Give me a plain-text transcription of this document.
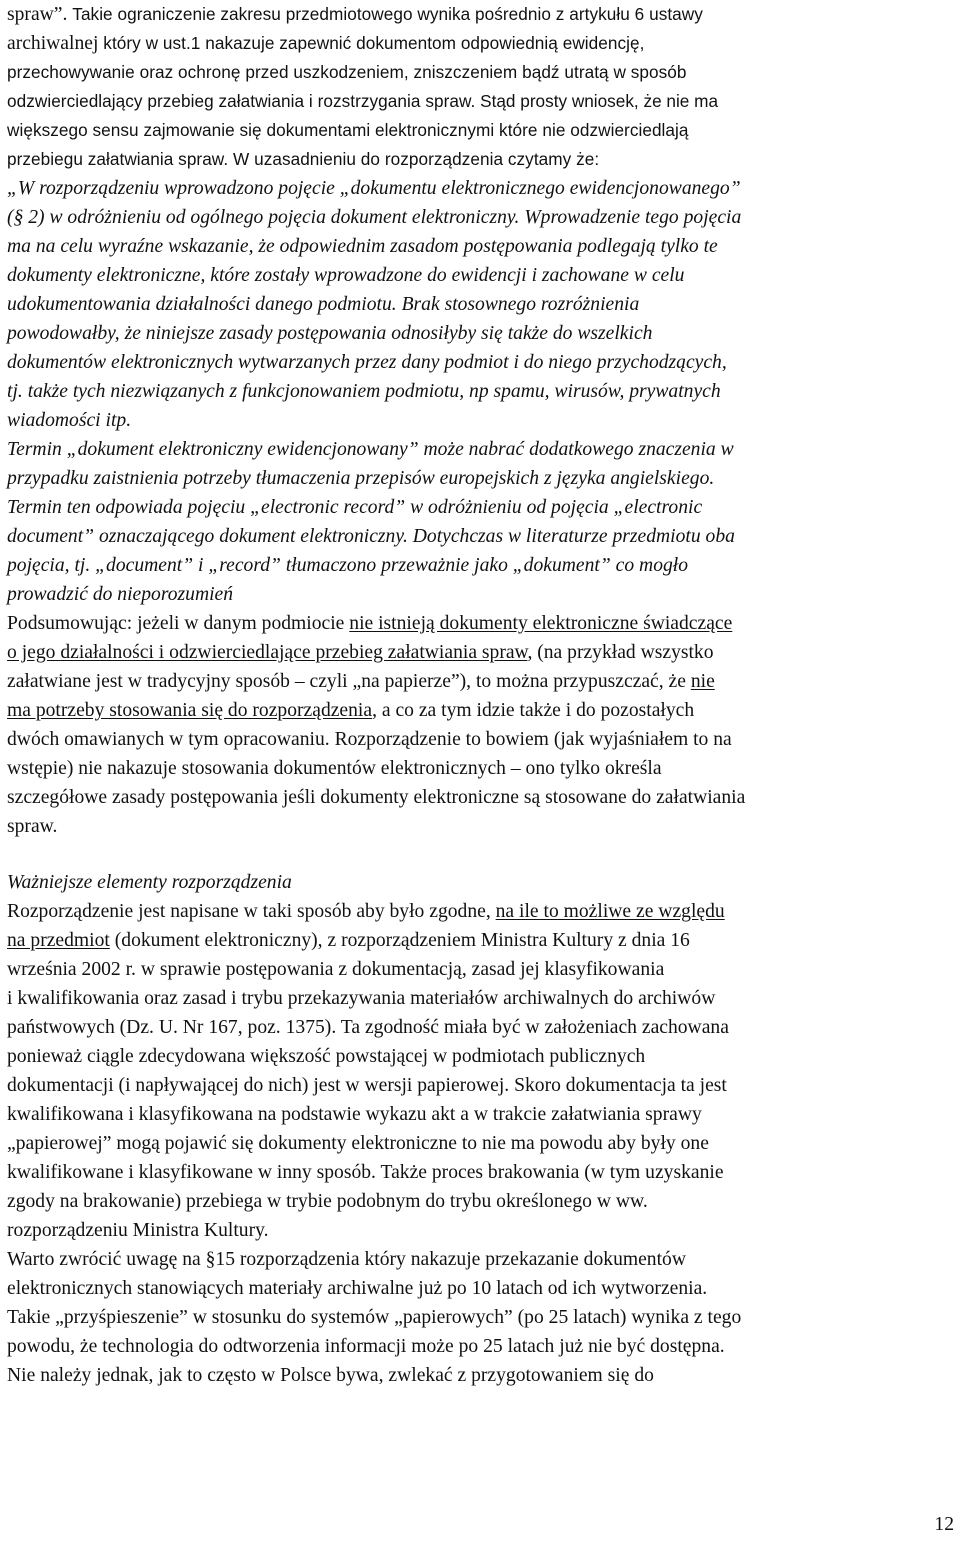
spraw”. Takie ograniczenie zakresu przedmiotowego wynika pośrednio z artykułu 6 ustawy
archiwalnej który w ust.1 nakazuje zapewnić dokumentom odpowiednią ewidencję,
przechowywanie oraz ochronę przed uszkodzeniem, zniszczeniem bądź utratą w sposób
odzwierciedlający przebieg załatwiania i rozstrzygania spraw. Stąd prosty wniosek, że nie ma
większego sensu zajmowanie się dokumentami elektronicznymi które nie odzwierciedlają
przebiegu załatwiania spraw. W uzasadnieniu do rozporządzenia czytamy że:
„W rozporządzeniu wprowadzono pojęcie „dokumentu elektronicznego ewidencjonowanego”
(§ 2) w odróżnieniu od ogólnego pojęcia dokument elektroniczny. Wprowadzenie tego pojęcia
ma na celu wyraźne wskazanie, że odpowiednim zasadom postępowania podlegają tylko te
dokumenty elektroniczne, które zostały wprowadzone do ewidencji i zachowane w celu
udokumentowania działalności danego podmiotu. Brak stosownego rozróżnienia
powodowałby, że niniejsze zasady postępowania odnosiłyby się także do wszelkich
dokumentów elektronicznych wytwarzanych przez dany podmiot i do niego przychodzących,
tj. także tych niezwiązanych z funkcjonowaniem podmiotu, np spamu, wirusów, prywatnych
wiadomości itp.
Termin „dokument elektroniczny ewidencjonowany” może nabrać dodatkowego znaczenia w
przypadku zaistnienia potrzeby tłumaczenia przepisów europejskich z języka angielskiego.
Termin ten odpowiada pojęciu „electronic record” w odróżnieniu od pojęcia „electronic
document” oznaczającego dokument elektroniczny. Dotychczas w literaturze przedmiotu oba
pojęcia, tj. „document” i „record” tłumaczono przeważnie jako „dokument” co mogło
prowadzić do nieporozumień
Podsumowując: jeżeli w danym podmiocie nie istnieją dokumenty elektroniczne świadczące
o jego działalności i odzwierciedlające przebieg załatwiania spraw, (na przykład wszystko
załatwiane jest w tradycyjny sposób – czyli „na papierze”), to można przypuszczać, że nie
ma potrzeby stosowania się do rozporządzenia, a co za tym idzie także i do pozostałych
dwóch omawianych w tym opracowaniu. Rozporządzenie to bowiem (jak wyjaśniałem to na
wstępie) nie nakazuje stosowania dokumentów elektronicznych – ono tylko określa
szczegółowe zasady postępowania jeśli dokumenty elektroniczne są stosowane do załatwiania
spraw.
Ważniejsze elementy rozporządzenia
Rozporządzenie jest napisane w taki sposób aby było zgodne, na ile to możliwe ze względu
na przedmiot (dokument elektroniczny), z rozporządzeniem Ministra Kultury z dnia 16
września 2002 r. w sprawie postępowania z dokumentacją, zasad jej klasyfikowania
i kwalifikowania oraz zasad i trybu przekazywania materiałów archiwalnych do archiwów
państwowych (Dz. U. Nr 167, poz. 1375). Ta zgodność miała być w założeniach zachowana
ponieważ ciągle zdecydowana większość powstającej w podmiotach publicznych
dokumentacji (i napływającej do nich) jest w wersji papierowej. Skoro dokumentacja ta jest
kwalifikowana i klasyfikowana na podstawie wykazu akt a w trakcie załatwiania sprawy
„papierowej” mogą pojawić się dokumenty elektroniczne to nie ma powodu aby były one
kwalifikowane i klasyfikowane w inny sposób. Także proces brakowania (w tym uzyskanie
zgody na brakowanie) przebiega w trybie podobnym do trybu określonego w ww.
rozporządzeniu Ministra Kultury.
Warto zwrócić uwagę na §15 rozporządzenia który nakazuje przekazanie dokumentów
elektronicznych stanowiących materiały archiwalne już po 10 latach od ich wytworzenia.
Takie „przyśpieszenie” w stosunku do systemów „papierowych” (po 25 latach) wynika z tego
powodu, że technologia do odtworzenia informacji może po 25 latach już nie być dostępna.
Nie należy jednak, jak to często w Polsce bywa, zwlekać z przygotowaniem się do
12
